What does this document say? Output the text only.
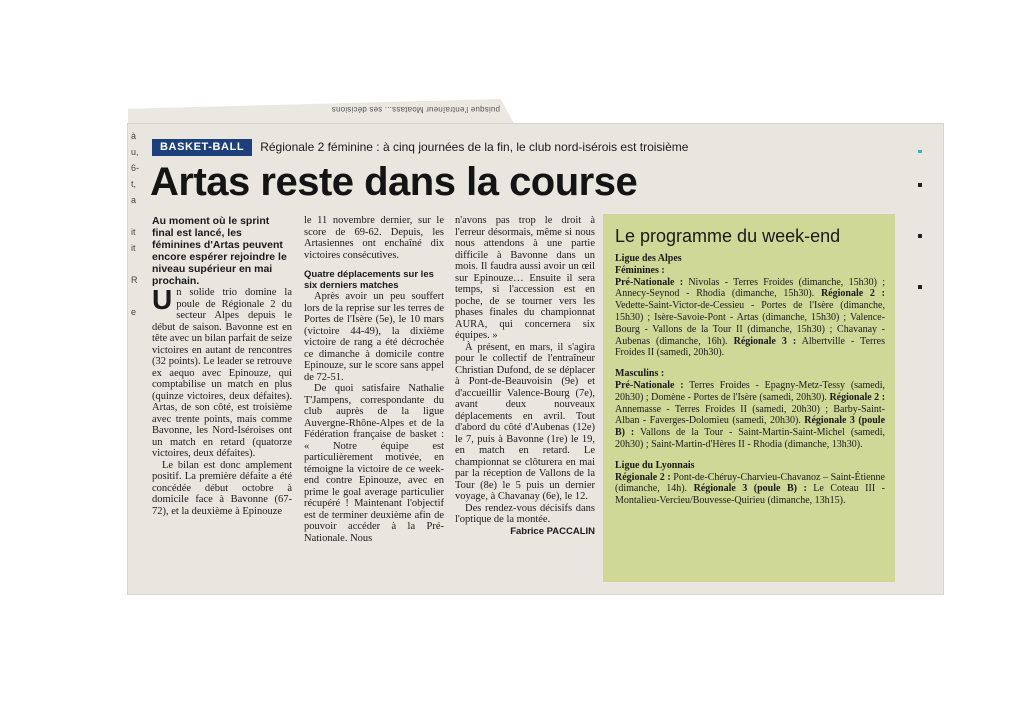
puisque l'entraîneur Moatass... ses décisions
à
u,
6-
t,
a

it
it

R

e
BASKET-BALL	Régionale 2 féminine : à cinq journées de la fin, le club nord-isérois est troisième
Artas reste dans la course

Au moment où le sprint final est lancé, les féminines d'Artas peuvent encore espérer rejoindre le niveau supérieur en mai prochain.

U n solide trio domine la poule de Régionale 2 du secteur Alpes depuis le début de saison. Bavonne est en tête avec un bilan parfait de seize victoires en autant de rencontres (32 points). Le leader se retrouve ex aequo avec Epinouze, qui comptabilise un match en plus (quinze victoires, deux défaites). Artas, de son côté, est troisième avec trente points, mais comme Bavonne, les Nord-Iséroises ont un match en retard (quatorze victoires, deux défaites).

Le bilan est donc amplement positif. La première défaite a été concédée début octobre à domicile face à Bavonne (67-72), et la deuxième à Epinouze

le 11 novembre dernier, sur le score de 69-62. Depuis, les Artasiennes ont enchaîné dix victoires consécutives.

Quatre déplacements sur les six derniers matches

Après avoir un peu souffert lors de la reprise sur les terres de Portes de l'Isère (5e), le 10 mars (victoire 44-49), la dixième victoire de rang a été décrochée ce dimanche à domicile contre Epinouze, sur le score sans appel de 72-51.

De quoi satisfaire Nathalie T'Jampens, correspondante du club auprès de la ligue Auvergne-Rhône-Alpes et de la Fédération française de basket : « Notre équipe est particulièrement motivée, en témoigne la victoire de ce week-end contre Epinouze, avec en prime le goal average particulier récupéré ! Maintenant l'objectif est de terminer deuxième afin de pouvoir accéder à la Pré-Nationale. Nous

n'avons pas trop le droit à l'erreur désormais, même si nous nous attendons à une partie difficile à Bavonne dans un mois. Il faudra aussi avoir un œil sur Epinouze… Ensuite il sera temps, si l'accession est en poche, de se tourner vers les phases finales du championnat AURA, qui concernera six équipes. »

À présent, en mars, il s'agira pour le collectif de l'entraîneur Christian Dufond, de se déplacer à Pont-de-Beauvoisin (9e) et d'accueillir Valence-Bourg (7e), avant deux nouveaux déplacements en avril. Tout d'abord du côté d'Aubenas (12e) le 7, puis à Bavonne (1re) le 19, en match en retard. Le championnat se clôturera en mai par la réception de Vallons de la Tour (8e) le 5 puis un dernier voyage, à Chavanay (6e), le 12.

Des rendez-vous décisifs dans l'optique de la montée.

Fabrice PACCALIN

Le programme du week-end
Ligue des Alpes
Féminines :
Pré-Nationale : Nivolas - Terres Froides (dimanche, 15h30) ; Annecy-Seynod - Rhodia (dimanche, 15h30). Régionale 2 : Vedette-Saint-Victor-de-Cessieu - Portes de l'Isère (dimanche, 15h30) ; Isère-Savoie-Pont - Artas (dimanche, 15h30) ; Valence-Bourg - Vallons de la Tour II (dimanche, 15h30) ; Chavanay - Aubenas (dimanche, 16h). Régionale 3 : Albertville - Terres Froides II (samedi, 20h30).
Masculins :
Pré-Nationale : Terres Froides - Epagny-Metz-Tessy (samedi, 20h30) ; Domène - Portes de l'Isère (samedi, 20h30). Régionale 2 : Annemasse - Terres Froides II (samedi, 20h30) ; Barby-Saint-Alban - Faverges-Dolomieu (samedi, 20h30). Régionale 3 (poule B) : Vallons de la Tour - Saint-Martin-Saint-Michel (samedi, 20h30) ; Saint-Martin-d'Hères II - Rhodia (dimanche, 13h30).
Ligue du Lyonnais
Régionale 2 : Pont-de-Chéruy-Charvieu-Chavanoz – Saint-Étienne (dimanche, 14h). Régionale 3 (poule B) : Le Coteau III - Montalieu-Vercieu/Bouvesse-Quirieu (dimanche, 13h15).
